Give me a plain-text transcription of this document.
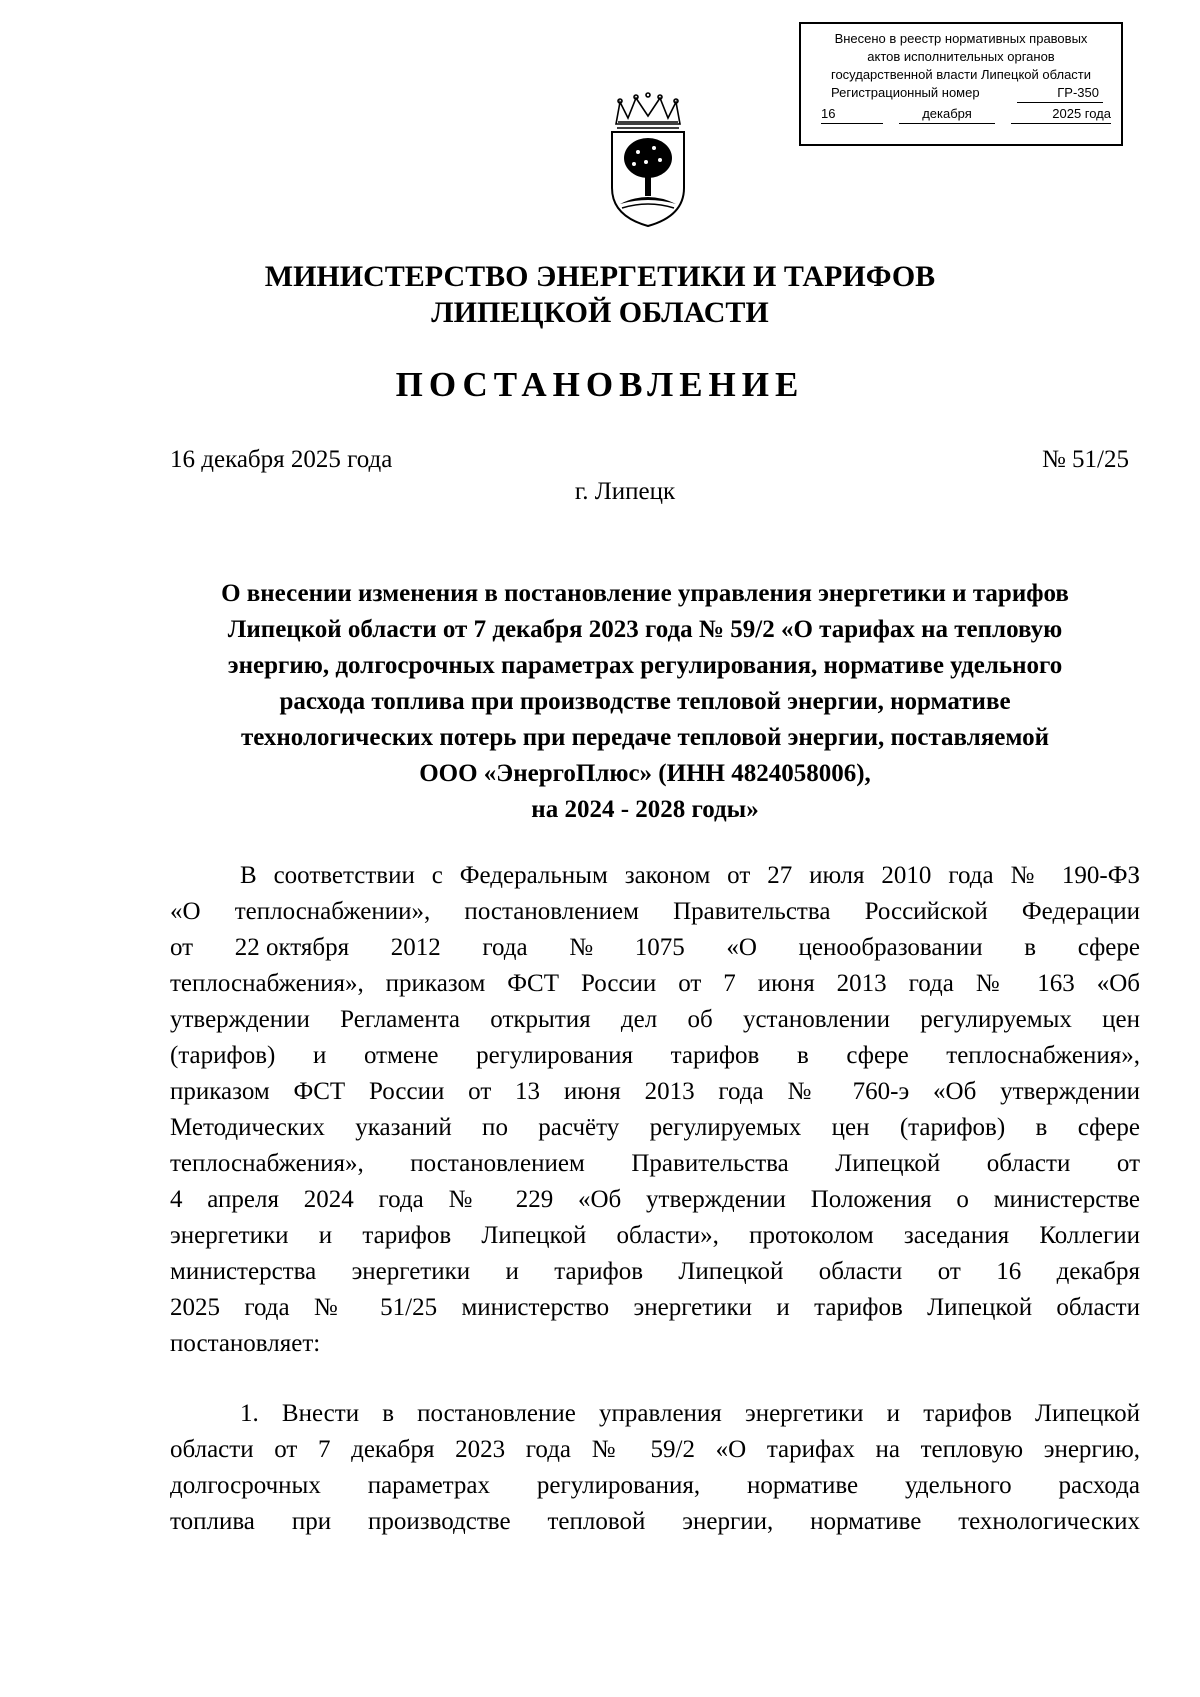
Внесено в реестр нормативных правовых
актов исполнительных органов
государственной власти Липецкой области
Регистрационный номер	ГР-350
16	декабря	2025 года
МИНИСТЕРСТВО ЭНЕРГЕТИКИ И ТАРИФОВ
ЛИПЕЦКОЙ ОБЛАСТИ
ПОСТАНОВЛЕНИЕ
16 декабря 2025 года	№ 51/25
г. Липецк
О внесении изменения в постановление управления энергетики и тарифов
Липецкой области от 7 декабря 2023 года № 59/2 «О тарифах на тепловую
энергию, долгосрочных параметрах регулирования, нормативе удельного
расхода топлива при производстве тепловой энергии, нормативе
технологических потерь при передаче тепловой энергии, поставляемой
ООО «ЭнергоПлюс» (ИНН 4824058006),
на 2024 - 2028 годы»
В соответствии с Федеральным законом от 27 июля 2010 года № 190-ФЗ
«О теплоснабжении», постановлением Правительства Российской Федерации
от 22 октября 2012 года № 1075 «О ценообразовании в сфере
теплоснабжения», приказом ФСТ России от 7 июня 2013 года № 163 «Об
утверждении Регламента открытия дел об установлении регулируемых цен
(тарифов) и отмене регулирования тарифов в сфере теплоснабжения»,
приказом ФСТ России от 13 июня 2013 года № 760-э «Об утверждении
Методических указаний по расчёту регулируемых цен (тарифов) в сфере
теплоснабжения», постановлением Правительства Липецкой области от
4 апреля 2024 года № 229 «Об утверждении Положения о министерстве
энергетики и тарифов Липецкой области», протоколом заседания Коллегии
министерства энергетики и тарифов Липецкой области от 16 декабря
2025 года № 51/25 министерство энергетики и тарифов Липецкой области
постановляет:
1. Внести в постановление управления энергетики и тарифов Липецкой
области от 7 декабря 2023 года № 59/2 «О тарифах на тепловую энергию,
долгосрочных параметрах регулирования, нормативе удельного расхода
топлива при производстве тепловой энергии, нормативе технологических
